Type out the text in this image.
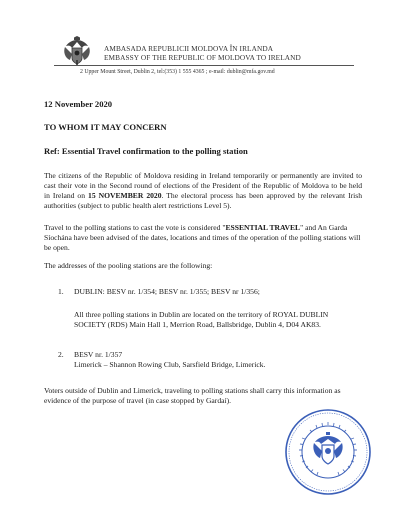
AMBASADA REPUBLICII MOLDOVA ÎN IRLANDA
EMBASSY OF THE REPUBLIC OF MOLDOVA TO IRELAND
2 Upper Mount Street, Dublin 2, tel:(353) 1 555 4365 ; e-mail: dublin@mfa.gov.md
12 November 2020
TO WHOM IT MAY CONCERN
Ref: Essential Travel confirmation to the polling station

The citizens of the Republic of Moldova residing in Ireland temporarily or permanently are invited to cast their vote in the Second round of elections of the President of the Republic of Moldova to be held in Ireland on 15 NOVEMBER 2020. The electoral process has been approved by the relevant Irish authorities (subject to public health alert restrictions Level 5).

Travel to the polling stations to cast the vote is considered "ESSENTIAL TRAVEL" and An Garda Síochána have been advised of the dates, locations and times of the operation of the polling stations will be open.

The addresses of the pooling stations are the following:

1. DUBLIN: BESV nr. 1/354; BESV nr. 1/355; BESV nr 1/356;

All three polling stations in Dublin are located on the territory of ROYAL DUBLIN SOCIETY (RDS) Main Hall 1, Merrion Road, Ballsbridge, Dublin 4, D04 AK83.

2. BESV nr. 1/357

Limerick – Shannon Rowing Club, Sarsfield Bridge, Limerick.

Voters outside of Dublin and Limerick, traveling to polling stations shall carry this information as evidence of the purpose of travel (in case stopped by Gardaí).
